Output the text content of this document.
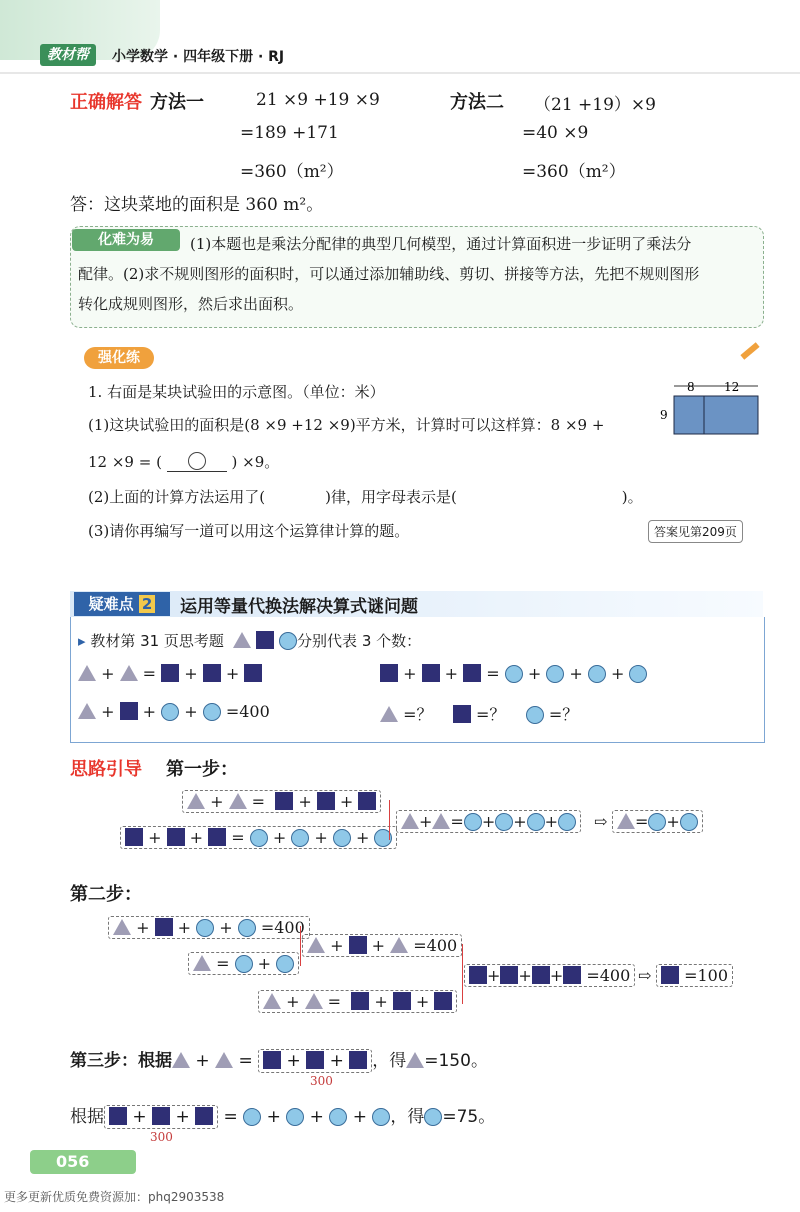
教材帮	小学数学 · 四年级下册 · RJ
正确解答 方法一	21 ×9 +19 ×9
=189 +171
=360（m²）
方法二 （21 +19）×9
=40 ×9
=360（m²）
答：这块菜地的面积是 360 m²。
化难为易	(1)本题也是乘法分配律的典型几何模型，通过计算面积进一步证明了乘法分
配律。(2)求不规则图形的面积时，可以通过添加辅助线、剪切、拼接等方法，先把不规则图形
转化成规则图形，然后求出面积。
强化练
1. 右面是某块试验田的示意图。（单位：米）
(1)这块试验田的面积是(8 ×9 +12 ×9)平方米，计算时可以这样算：8 ×9 +
12 ×9 = (	) ×9。
(2)上面的计算方法运用了(　　　　)律，用字母表示是(　　　　　　　　　　　)。
(3)请你再编写一道可以用这个运算律计算的题。	答案见第209页
8 12
9
疑难点 2	运用等量代换法解决算式谜问题
▸ 教材第 31 页思考题	分别代表 3 个数：
+  =  +  +	+  +  =  +  +  +
+  +  +  =400	=？	=？	=？
思路引导 第一步：
+  =   +  +
+  +  =  +  +  +
+ = + + +	⇨	= +
第二步：
+  +  +  =400
=  +
+  +  =400
+  =   +  +
+ + + =400 ⇨	=100
第三步：根据 +  =  +  + ，得 =150。
300
根据 +  +  =  +  +  + ，得 =75。
300
056
更多更新优质免费资源加：phq2903538
